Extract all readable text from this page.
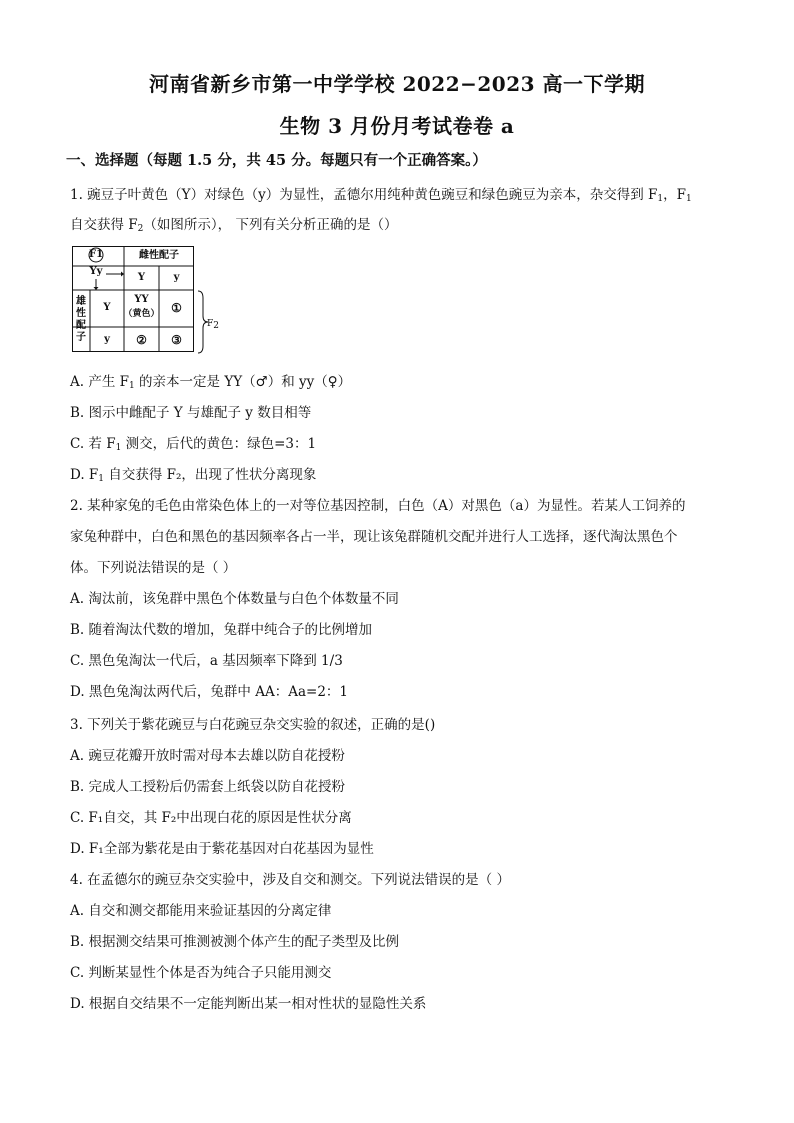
河南省新乡市第一中学学校 2022−2023 高一下学期
生物 3 月份月考试卷卷 a
一、选择题（每题 1.5 分，共 45 分。每题只有一个正确答案。）
1. 豌豆子叶黄色（Y）对绿色（y）为显性，孟德尔用纯种黄色豌豆和绿色豌豆为亲本，杂交得到 $F_1$，$F_1$
自交获得 $F_2$（如图所示）， 下列有关分析正确的是（）
F1
Yy
雌性配子
Y	y
雄性配子
Y
y
YY
（黄色） ①
②	③
$F_2$
A. 产生 $F_1$ 的亲本一定是 YY（♂）和 yy（♀）
B. 图示中雌配子 Y 与雄配子 y 数目相等
C. 若 $F_1$ 测交，后代的黄色：绿色=3：1
D. $F_1$ 自交获得 F₂，出现了性状分离现象
2. 某种家兔的毛色由常染色体上的一对等位基因控制，白色（A）对黑色（a）为显性。若某人工饲养的
家兔种群中，白色和黑色的基因频率各占一半，现让该兔群随机交配并进行人工选择，逐代淘汰黑色个
体。下列说法错误的是（ ）
A. 淘汰前，该兔群中黑色个体数量与白色个体数量不同
B. 随着淘汰代数的增加，兔群中纯合子的比例增加
C. 黑色兔淘汰一代后，a 基因频率下降到 1/3
D. 黑色兔淘汰两代后，兔群中 AA：Aa=2：1
3. 下列关于紫花豌豆与白花豌豆杂交实验的叙述，正确的是()
A. 豌豆花瓣开放时需对母本去雄以防自花授粉
B. 完成人工授粉后仍需套上纸袋以防自花授粉
C. F₁自交，其 F₂中出现白花的原因是性状分离
D. F₁全部为紫花是由于紫花基因对白花基因为显性
4. 在孟德尔的豌豆杂交实验中，涉及自交和测交。下列说法错误的是（ ）
A. 自交和测交都能用来验证基因的分离定律
B. 根据测交结果可推测被测个体产生的配子类型及比例
C. 判断某显性个体是否为纯合子只能用测交
D. 根据自交结果不一定能判断出某一相对性状的显隐性关系
